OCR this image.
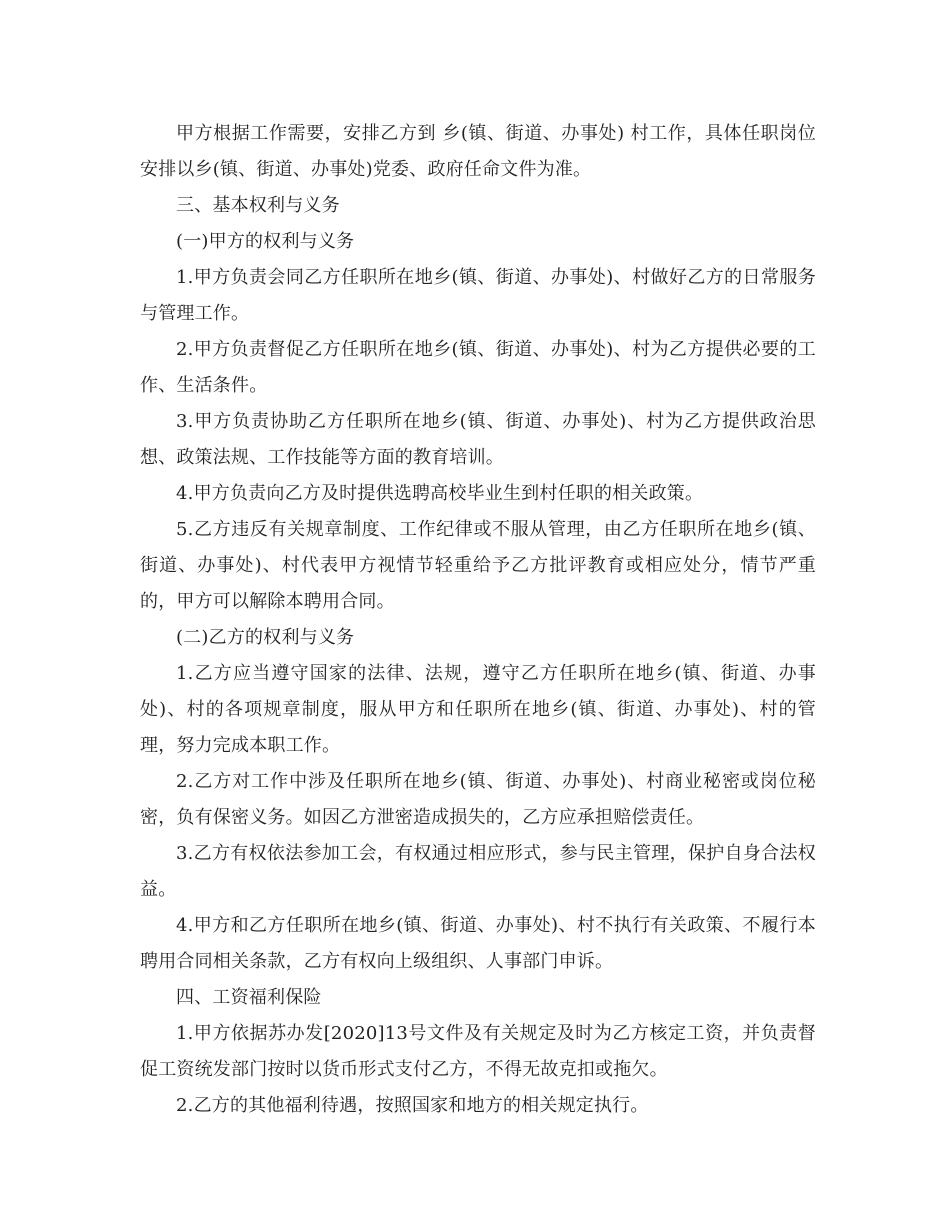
甲方根据工作需要，安排乙方到 乡(镇、街道、办事处) 村工作，具体任职岗位安排以乡(镇、街道、办事处)党委、政府任命文件为准。

三、基本权利与义务

(一)甲方的权利与义务

1.甲方负责会同乙方任职所在地乡(镇、街道、办事处)、村做好乙方的日常服务与管理工作。

2.甲方负责督促乙方任职所在地乡(镇、街道、办事处)、村为乙方提供必要的工作、生活条件。

3.甲方负责协助乙方任职所在地乡(镇、街道、办事处)、村为乙方提供政治思想、政策法规、工作技能等方面的教育培训。

4.甲方负责向乙方及时提供选聘高校毕业生到村任职的相关政策。

5.乙方违反有关规章制度、工作纪律或不服从管理，由乙方任职所在地乡(镇、街道、办事处)、村代表甲方视情节轻重给予乙方批评教育或相应处分，情节严重的，甲方可以解除本聘用合同。

(二)乙方的权利与义务

1.乙方应当遵守国家的法律、法规，遵守乙方任职所在地乡(镇、街道、办事处)、村的各项规章制度，服从甲方和任职所在地乡(镇、街道、办事处)、村的管理，努力完成本职工作。

2.乙方对工作中涉及任职所在地乡(镇、街道、办事处)、村商业秘密或岗位秘密，负有保密义务。如因乙方泄密造成损失的，乙方应承担赔偿责任。

3.乙方有权依法参加工会，有权通过相应形式，参与民主管理，保护自身合法权益。

4.甲方和乙方任职所在地乡(镇、街道、办事处)、村不执行有关政策、不履行本聘用合同相关条款，乙方有权向上级组织、人事部门申诉。

四、工资福利保险

1.甲方依据苏办发[2020]13号文件及有关规定及时为乙方核定工资，并负责督促工资统发部门按时以货币形式支付乙方，不得无故克扣或拖欠。

2.乙方的其他福利待遇，按照国家和地方的相关规定执行。
